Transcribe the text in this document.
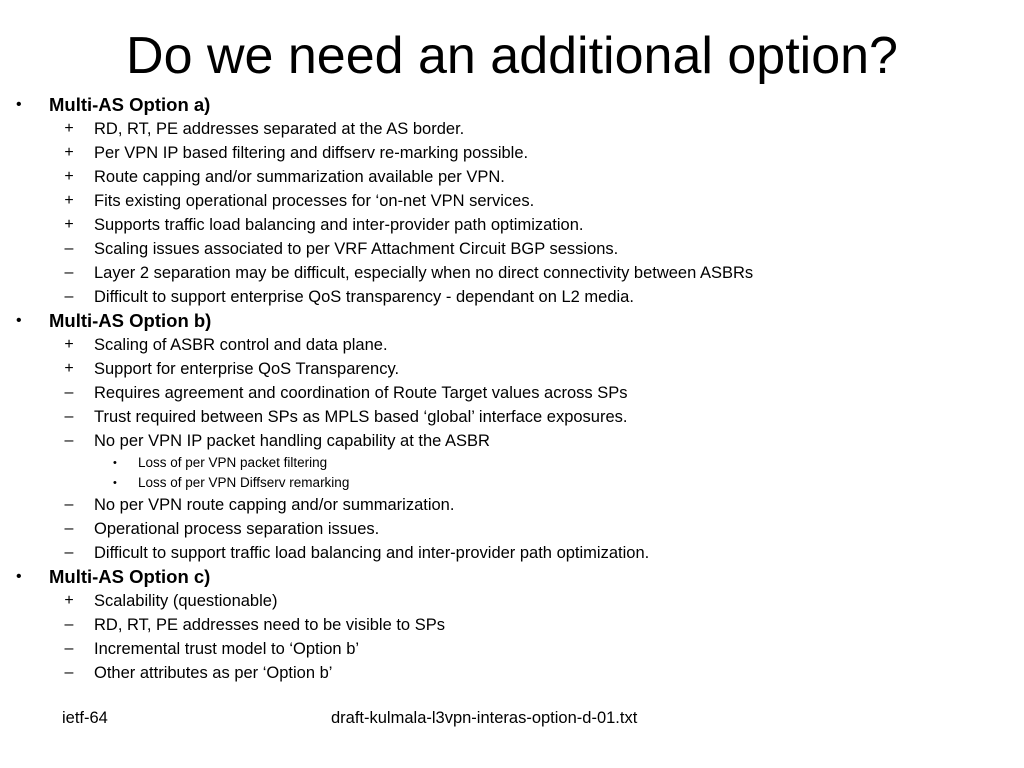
Do we need an additional option?
• Multi-AS Option a)
+	RD, RT, PE addresses separated at the AS border.
+	Per VPN IP based filtering and diffserv re-marking possible.
+	Route capping and/or summarization available per VPN.
+	Fits existing operational processes for ‘on-net VPN services.
+	Supports traffic load balancing and inter-provider path optimization.
–	Scaling issues associated to per VRF Attachment Circuit BGP sessions.
–	Layer 2 separation may be difficult, especially when no direct connectivity between ASBRs
–	Difficult to support enterprise QoS transparency - dependant on L2 media.
• Multi-AS Option b)
+	Scaling of ASBR control and data plane.
+	Support for enterprise QoS Transparency.
–	Requires agreement and coordination of Route Target values across SPs
–	Trust required between SPs as MPLS based ‘global’ interface exposures.
–	No per VPN IP packet handling capability at the ASBR
• Loss of per VPN packet filtering
• Loss of per VPN Diffserv remarking
–	No per VPN route capping and/or summarization.
–	Operational process separation issues.
–	Difficult to support traffic load balancing and inter-provider path optimization.
• Multi-AS Option c)
+	Scalability (questionable)
–	RD, RT, PE addresses need to be visible to SPs
–	Incremental trust model to ‘Option b’
–	Other attributes as per ‘Option b’
ietf-64	draft-kulmala-l3vpn-interas-option-d-01.txt
